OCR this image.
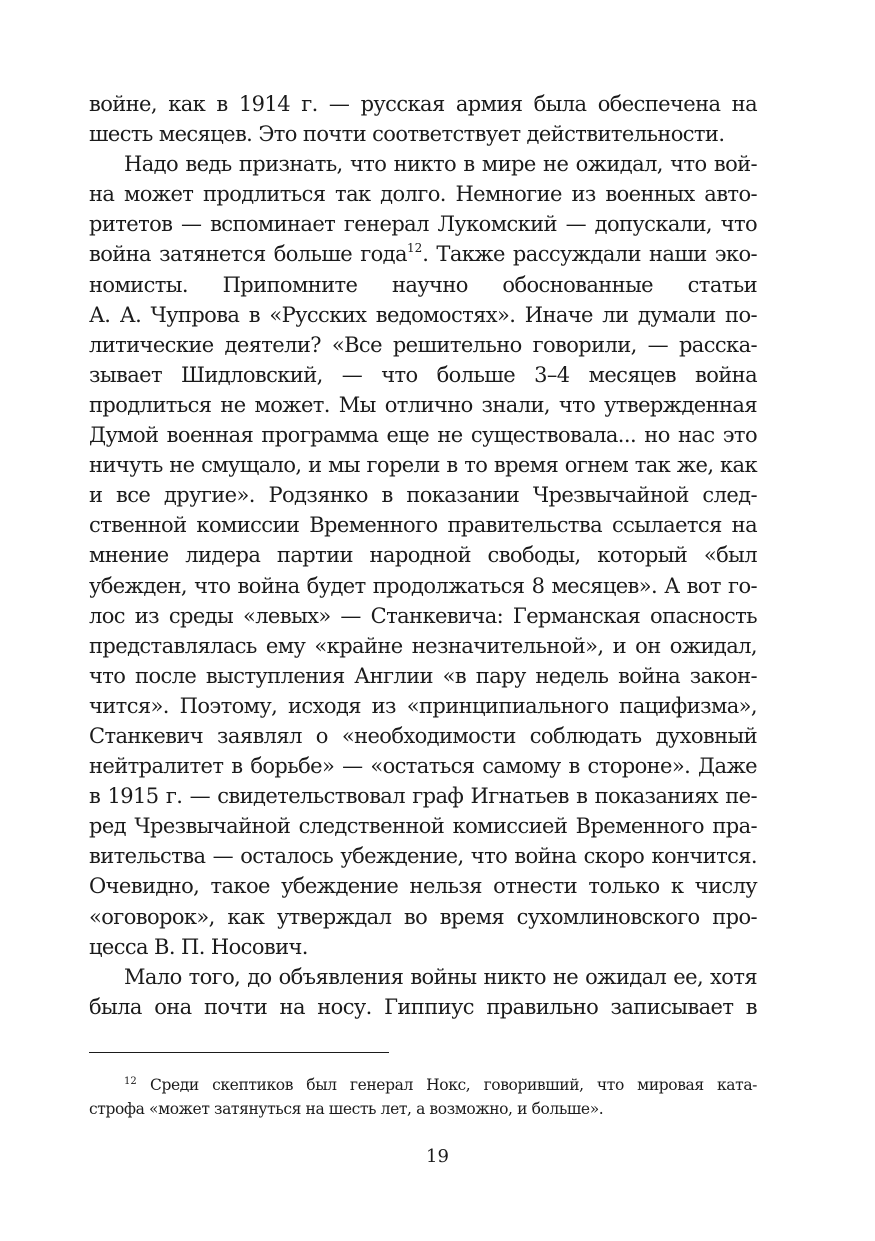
войне, как в 1914 г. — русская армия была обеспечена на
шесть месяцев. Это почти соответствует действительности.
Надо ведь признать, что никто в мире не ожидал, что вой-
на может продлиться так долго. Немногие из военных авто-
ритетов — вспоминает генерал Лукомский — допускали, что
война затянется больше года$^{12}$. Также рассуждали наши эко-
номисты. Припомните научно обоснованные статьи
А. А. Чупрова в «Русских ведомостях». Иначе ли думали по-
литические деятели? «Все решительно говорили, — расска-
зывает Шидловский, — что больше 3–4 месяцев война
продлиться не может. Мы отлично знали, что утвержденная
Думой военная программа еще не существовала... но нас это
ничуть не смущало, и мы горели в то время огнем так же, как
и все другие». Родзянко в показании Чрезвычайной след-
ственной комиссии Временного правительства ссылается на
мнение лидера партии народной свободы, который «был
убежден, что война будет продолжаться 8 месяцев». А вот го-
лос из среды «левых» — Станкевича: Германская опасность
представлялась ему «крайне незначительной», и он ожидал,
что после выступления Англии «в пару недель война закон-
чится». Поэтому, исходя из «принципиального пацифизма»,
Станкевич заявлял о «необходимости соблюдать духовный
нейтралитет в борьбе» — «остаться самому в стороне». Даже
в 1915 г. — свидетельствовал граф Игнатьев в показаниях пе-
ред Чрезвычайной следственной комиссией Временного пра-
вительства — осталось убеждение, что война скоро кончится.
Очевидно, такое убеждение нельзя отнести только к числу
«оговорок», как утверждал во время сухомлиновского про-
цесса В. П. Носович.
Мало того, до объявления войны никто не ожидал ее, хотя
была она почти на носу. Гиппиус правильно записывает в
$^{12}$ Среди скептиков был генерал Нокс, говоривший, что мировая ката-
строфа «может затянуться на шесть лет, а возможно, и больше».
19
